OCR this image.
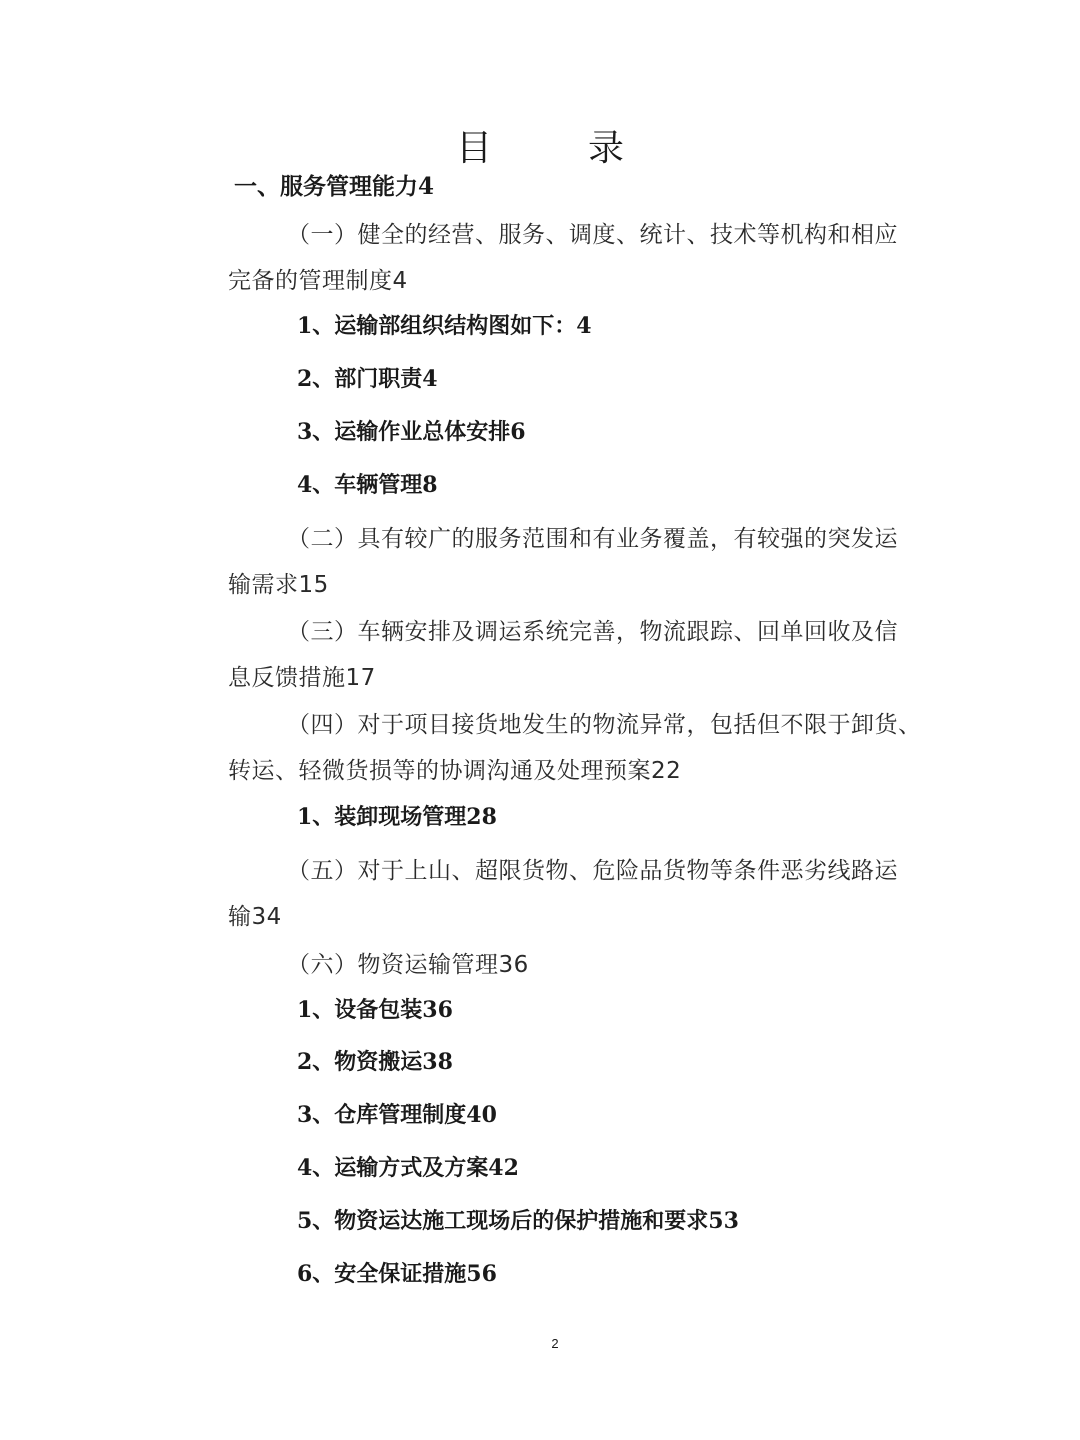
目　录
一、服务管理能力4
（一）健全的经营、服务、调度、统计、技术等机构和相应
完备的管理制度4
1、运输部组织结构图如下：4
2、部门职责4
3、运输作业总体安排6
4、车辆管理8
（二）具有较广的服务范围和有业务覆盖，有较强的突发运
输需求15
（三）车辆安排及调运系统完善，物流跟踪、回单回收及信
息反馈措施17
（四）对于项目接货地发生的物流异常，包括但不限于卸货、
转运、轻微货损等的协调沟通及处理预案22
1、装卸现场管理28
（五）对于上山、超限货物、危险品货物等条件恶劣线路运
输34
（六）物资运输管理36
1、设备包装36
2、物资搬运38
3、仓库管理制度40
4、运输方式及方案42
5、物资运达施工现场后的保护措施和要求53
6、安全保证措施56
2
